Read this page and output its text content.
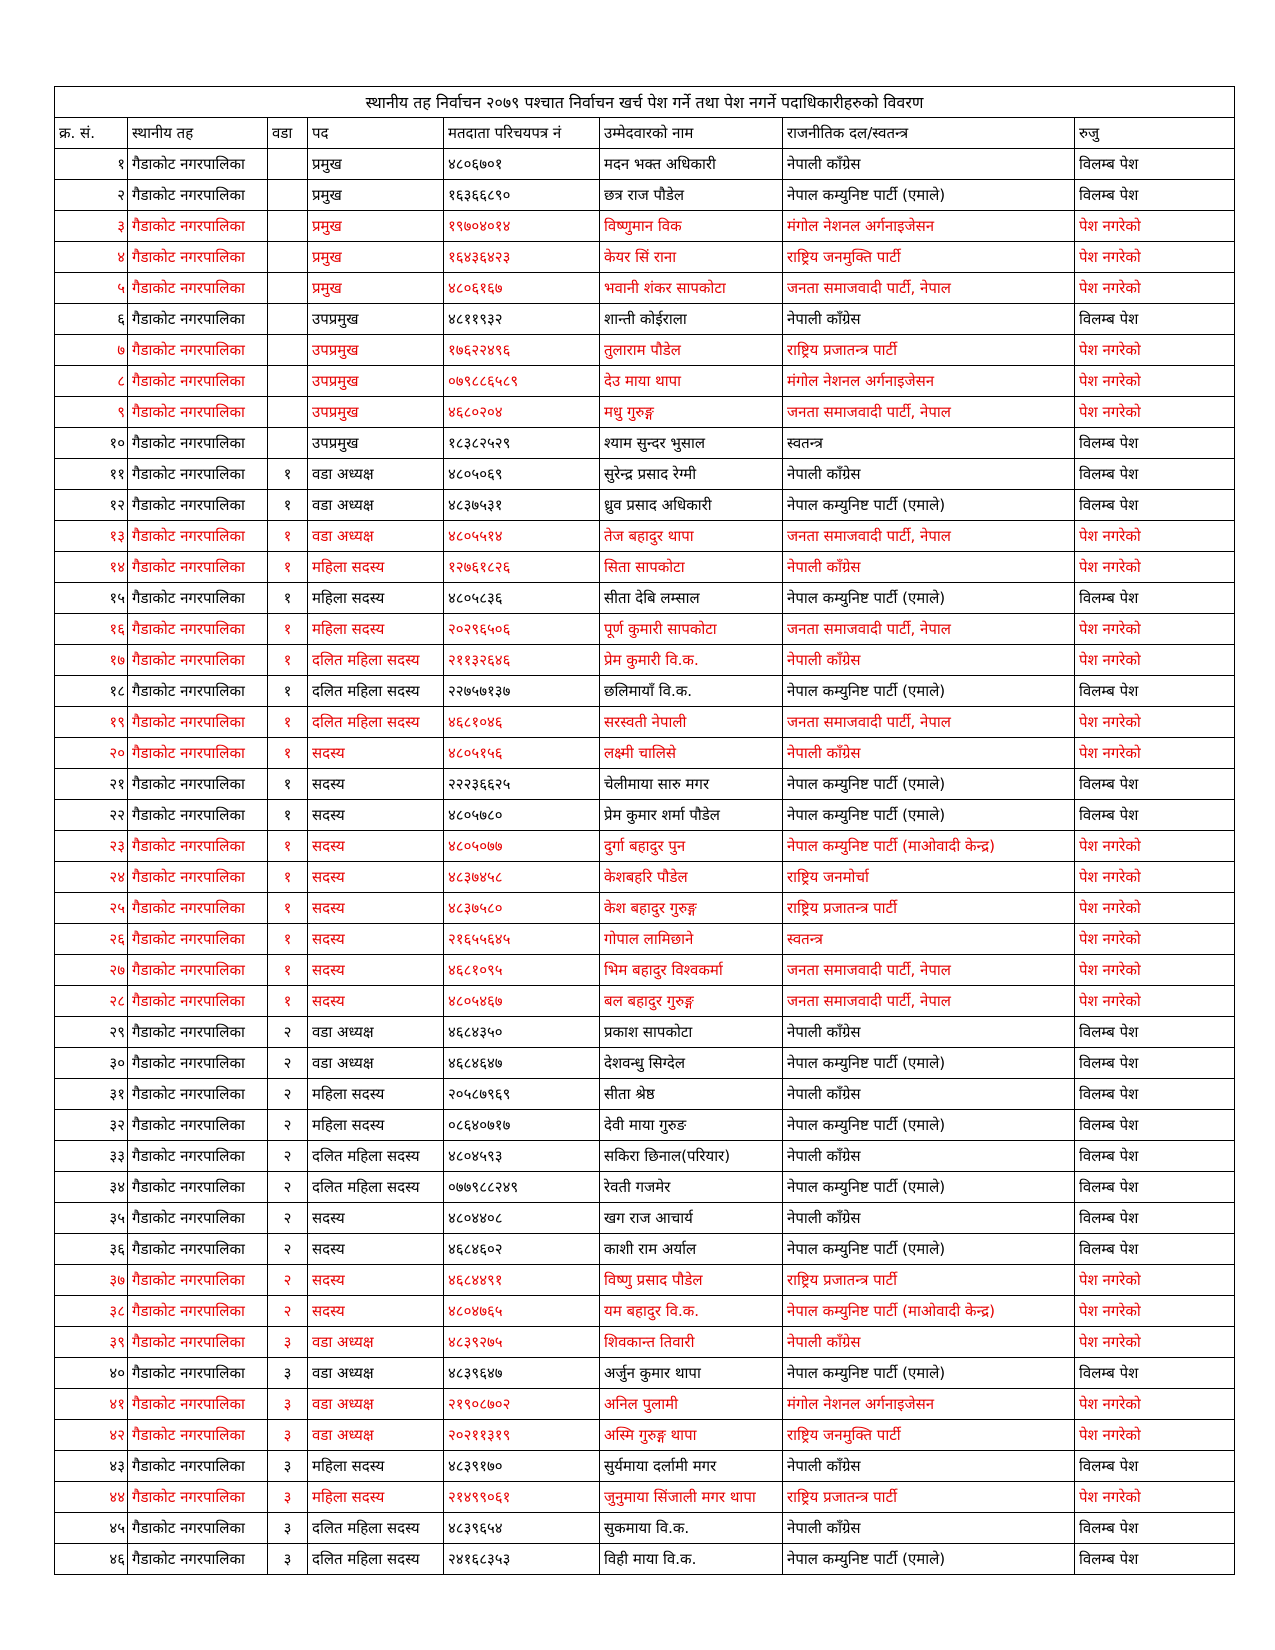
स्थानीय तह निर्वाचन २०७९ पश्चात निर्वाचन खर्च पेश गर्ने तथा पेश नगर्ने पदाधिकारीहरुको विवरण							
क्र. सं.	स्थानीय तह	वडा	पद	मतदाता परिचयपत्र नं	उम्मेदवारको नाम	राजनीतिक दल/स्वतन्त्र	रुजु
१	गैडाकोट नगरपालिका		प्रमुख	४८०६७०१	मदन भक्त अधिकारी	नेपाली काँग्रेस	विलम्ब पेश
२	गैडाकोट नगरपालिका		प्रमुख	१६३६६८९०	छत्र राज पौडेल	नेपाल कम्युनिष्ट पार्टी (एमाले)	विलम्ब पेश
३	गैडाकोट नगरपालिका		प्रमुख	१९७०४०१४	विष्णुमान विक	मंगोल नेशनल अर्गनाइजेसन	पेश नगरेको
४	गैडाकोट नगरपालिका		प्रमुख	१६४३६४२३	केयर सिं राना	राष्ट्रिय जनमुक्ति पार्टी	पेश नगरेको
५	गैडाकोट नगरपालिका		प्रमुख	४८०६१६७	भवानी शंकर सापकोटा	जनता समाजवादी पार्टी, नेपाल	पेश नगरेको
६	गैडाकोट नगरपालिका		उपप्रमुख	४८११९३२	शान्ती कोईराला	नेपाली काँग्रेस	विलम्ब पेश
७	गैडाकोट नगरपालिका		उपप्रमुख	१७६२२४९६	तुलाराम पौडेल	राष्ट्रिय प्रजातन्त्र पार्टी	पेश नगरेको
८	गैडाकोट नगरपालिका		उपप्रमुख	०७९८८६५८९	देउ माया थापा	मंगोल नेशनल अर्गनाइजेसन	पेश नगरेको
९	गैडाकोट नगरपालिका		उपप्रमुख	४६८०२०४	मधु गुरुङ्ग	जनता समाजवादी पार्टी, नेपाल	पेश नगरेको
१०	गैडाकोट नगरपालिका		उपप्रमुख	१८३८२५२९	श्याम सुन्दर भुसाल	स्वतन्त्र	विलम्ब पेश
११	गैडाकोट नगरपालिका	१	वडा अध्यक्ष	४८०५०६९	सुरेन्द्र प्रसाद रेग्मी	नेपाली काँग्रेस	विलम्ब पेश
१२	गैडाकोट नगरपालिका	१	वडा अध्यक्ष	४८३७५३१	ध्रुव प्रसाद अधिकारी	नेपाल कम्युनिष्ट पार्टी (एमाले)	विलम्ब पेश
१३	गैडाकोट नगरपालिका	१	वडा अध्यक्ष	४८०५५१४	तेज बहादुर थापा	जनता समाजवादी पार्टी, नेपाल	पेश नगरेको
१४	गैडाकोट नगरपालिका	१	महिला सदस्य	१२७६१८२६	सिता सापकोटा	नेपाली काँग्रेस	पेश नगरेको
१५	गैडाकोट नगरपालिका	१	महिला सदस्य	४८०५८३६	सीता देबि लम्साल	नेपाल कम्युनिष्ट पार्टी (एमाले)	विलम्ब पेश
१६	गैडाकोट नगरपालिका	१	महिला सदस्य	२०२९६५०६	पूर्ण कुमारी सापकोटा	जनता समाजवादी पार्टी, नेपाल	पेश नगरेको
१७	गैडाकोट नगरपालिका	१	दलित महिला सदस्य	२११३२६४६	प्रेम कुमारी वि.क.	नेपाली काँग्रेस	पेश नगरेको
१८	गैडाकोट नगरपालिका	१	दलित महिला सदस्य	२२७५७१३७	छलिमायाँ वि.क.	नेपाल कम्युनिष्ट पार्टी (एमाले)	विलम्ब पेश
१९	गैडाकोट नगरपालिका	१	दलित महिला सदस्य	४६८१०४६	सरस्वती नेपाली	जनता समाजवादी पार्टी, नेपाल	पेश नगरेको
२०	गैडाकोट नगरपालिका	१	सदस्य	४८०५१५६	लक्ष्मी चालिसे	नेपाली काँग्रेस	पेश नगरेको
२१	गैडाकोट नगरपालिका	१	सदस्य	२२२३६६२५	चेलीमाया सारु मगर	नेपाल कम्युनिष्ट पार्टी (एमाले)	विलम्ब पेश
२२	गैडाकोट नगरपालिका	१	सदस्य	४८०५७८०	प्रेम कुमार शर्मा पौडेल	नेपाल कम्युनिष्ट पार्टी (एमाले)	विलम्ब पेश
२३	गैडाकोट नगरपालिका	१	सदस्य	४८०५०७७	दुर्गा बहादुर पुन	नेपाल कम्युनिष्ट पार्टी (माओवादी केन्द्र)	पेश नगरेको
२४	गैडाकोट नगरपालिका	१	सदस्य	४८३७४५८	केशबहरि पौडेल	राष्ट्रिय जनमोर्चा	पेश नगरेको
२५	गैडाकोट नगरपालिका	१	सदस्य	४८३७५८०	केश बहादुर गुरुङ्ग	राष्ट्रिय प्रजातन्त्र पार्टी	पेश नगरेको
२६	गैडाकोट नगरपालिका	१	सदस्य	२१६५५६४५	गोपाल लामिछाने	स्वतन्त्र	पेश नगरेको
२७	गैडाकोट नगरपालिका	१	सदस्य	४६८१०९५	भिम बहादुर विश्वकर्मा	जनता समाजवादी पार्टी, नेपाल	पेश नगरेको
२८	गैडाकोट नगरपालिका	१	सदस्य	४८०५४६७	बल बहादुर गुरुङ्ग	जनता समाजवादी पार्टी, नेपाल	पेश नगरेको
२९	गैडाकोट नगरपालिका	२	वडा अध्यक्ष	४६८४३५०	प्रकाश सापकोटा	नेपाली काँग्रेस	विलम्ब पेश
३०	गैडाकोट नगरपालिका	२	वडा अध्यक्ष	४६८४६४७	देशवन्धु सिग्देल	नेपाल कम्युनिष्ट पार्टी (एमाले)	विलम्ब पेश
३१	गैडाकोट नगरपालिका	२	महिला सदस्य	२०५८७९६९	सीता श्रेष्ठ	नेपाली काँग्रेस	विलम्ब पेश
३२	गैडाकोट नगरपालिका	२	महिला सदस्य	०८६४०७१७	देवी माया गुरुङ	नेपाल कम्युनिष्ट पार्टी (एमाले)	विलम्ब पेश
३३	गैडाकोट नगरपालिका	२	दलित महिला सदस्य	४८०४५९३	सकिरा छिनाल(परियार)	नेपाली काँग्रेस	विलम्ब पेश
३४	गैडाकोट नगरपालिका	२	दलित महिला सदस्य	०७७९८८२४९	रेवती गजमेर	नेपाल कम्युनिष्ट पार्टी (एमाले)	विलम्ब पेश
३५	गैडाकोट नगरपालिका	२	सदस्य	४८०४४०८	खग राज आचार्य	नेपाली काँग्रेस	विलम्ब पेश
३६	गैडाकोट नगरपालिका	२	सदस्य	४६८४६०२	काशी राम अर्याल	नेपाल कम्युनिष्ट पार्टी (एमाले)	विलम्ब पेश
३७	गैडाकोट नगरपालिका	२	सदस्य	४६८४४९१	विष्णु प्रसाद पौडेल	राष्ट्रिय प्रजातन्त्र पार्टी	पेश नगरेको
३८	गैडाकोट नगरपालिका	२	सदस्य	४८०४७६५	यम बहादुर वि.क.	नेपाल कम्युनिष्ट पार्टी (माओवादी केन्द्र)	पेश नगरेको
३९	गैडाकोट नगरपालिका	३	वडा अध्यक्ष	४८३९२७५	शिवकान्त तिवारी	नेपाली काँग्रेस	पेश नगरेको
४०	गैडाकोट नगरपालिका	३	वडा अध्यक्ष	४८३९६४७	अर्जुन कुमार थापा	नेपाल कम्युनिष्ट पार्टी (एमाले)	विलम्ब पेश
४१	गैडाकोट नगरपालिका	३	वडा अध्यक्ष	२१९०८७०२	अनिल पुलामी	मंगोल नेशनल अर्गनाइजेसन	पेश नगरेको
४२	गैडाकोट नगरपालिका	३	वडा अध्यक्ष	२०२११३१९	अस्मि गुरुङ्ग थापा	राष्ट्रिय जनमुक्ति पार्टी	पेश नगरेको
४३	गैडाकोट नगरपालिका	३	महिला सदस्य	४८३९१७०	सुर्यमाया दर्लामी मगर	नेपाली काँग्रेस	विलम्ब पेश
४४	गैडाकोट नगरपालिका	३	महिला सदस्य	२१४९९०६१	जुनुमाया सिंजाली मगर थापा	राष्ट्रिय प्रजातन्त्र पार्टी	पेश नगरेको
४५	गैडाकोट नगरपालिका	३	दलित महिला सदस्य	४८३९६५४	सुकमाया वि.क.	नेपाली काँग्रेस	विलम्ब पेश
४६	गैडाकोट नगरपालिका	३	दलित महिला सदस्य	२४१६८३५३	विही माया वि.क.	नेपाल कम्युनिष्ट पार्टी (एमाले)	विलम्ब पेश
